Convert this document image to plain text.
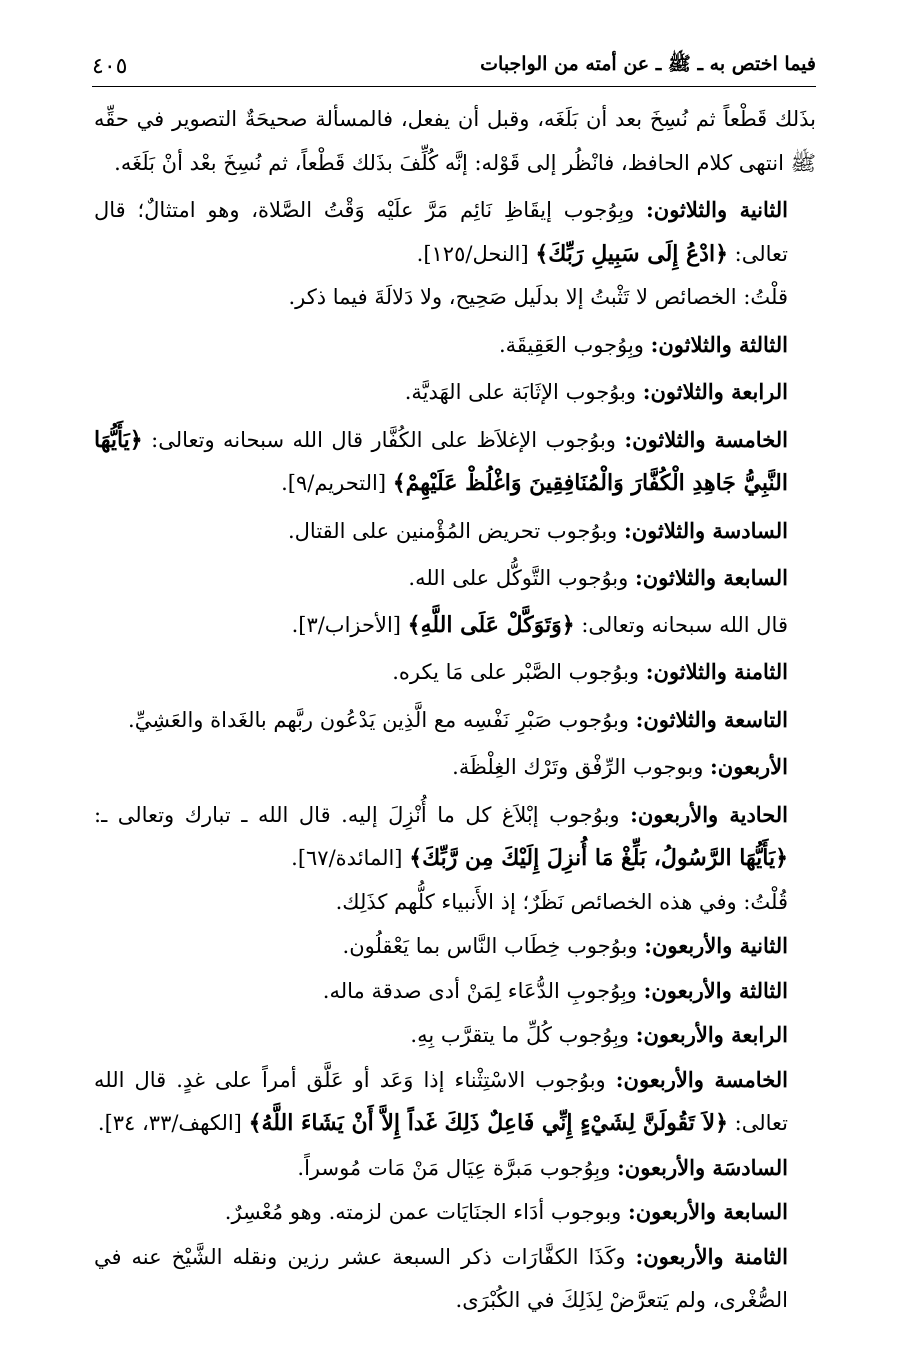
فيما اختص به ـ ﷺ ـ عن أمته من الواجبات
٤٠٥

بذَلك قَطْعاً ثم نُسِخَ بعد أن بَلَغَه، وقبل أن يفعل، فالمسألة صحيحَةٌ التصوير في حقِّه ﷺ انتهى كلام الحافظ، فانْظُر إلى قَوْله: إنَّه كُلِّفَ بذَلك قَطْعاً، ثم نُسِخَ بعْد أنْ بَلَغَه.

الثانية والثلاثون: وبِوُجوب إيقَاظِ نَائِم مَرَّ علَيْه وَقْتُ الصَّلاة، وهو امتثالٌ؛ قال تعالى: ﴿ادْعُ إِلَى سَبِيلِ رَبِّكَ﴾ [النحل/١٢٥].

قلْتُ: الخصائص لا تَثْبتُ إلا بدلَيل صَحِيح، ولا دَلالَةَ فيما ذكر.

الثالثة والثلاثون: وبِوُجوب العَقِيقَة.

الرابعة والثلاثون: وبوُجوب الإثَابَة على الهَديَّة.

الخامسة والثلاثون: وبوُجوب الإغلاَظ على الكُفَّار قال الله سبحانه وتعالى: ﴿يَأَيُّهَا النَّبِيُّ جَاهِدِ الْكُفَّارَ وَالْمُنَافِقِينَ وَاغْلُظْ عَلَيْهِمْ﴾ [التحريم/٩].

السادسة والثلاثون: وبوُجوب تحريض المُؤْمنين على القتال.

السابعة والثلاثون: وبوُجوب التَّوكُّل على الله.

قال الله سبحانه وتعالى: ﴿وَتَوَكَّلْ عَلَى اللَّهِ﴾ [الأحزاب/٣].

الثامنة والثلاثون: وبوُجوب الصَّبْر على مَا يكره.

التاسعة والثلاثون: وبوُجوب صَبْرِ نَفْسِه مع الَّذِين يَدْعُون ربَّهم بالغَداة والعَشِيِّ.

الأربعون: وبوجوب الرِّفْق وتَرْك الغِلْظَة.

الحادية والأربعون: وبوُجوب إبْلاَغ كل ما أُنْزِلَ إليه. قال الله ـ تبارك وتعالى ـ: ﴿يَأَيُّهَا الرَّسُولُ، بَلِّغْ مَا أُنزِلَ إِلَيْكَ مِن رَّبِّكَ﴾ [المائدة/٦٧].

قُلْتُ: وفي هذه الخصائص نَظَرٌ؛ إذ الأَنبياء كلُّهم كذَلِك.

الثانية والأربعون: وبوُجوب خِطَاب النَّاس بما يَعْقلُون.

الثالثة والأربعون: وبِوُجوبِ الدُّعَاء لِمَنْ أدى صدقة ماله.

الرابعة والأربعون: وبِوُجوب كُلِّ ما يتقرَّب بِهِ.

الخامسة والأربعون: وبوُجوب الاسْتِثْناء إذا وَعَد أو عَلَّق أمراً على غدٍ. قال الله تعالى: ﴿لاَ تَقُولَنَّ لِشَيْءٍ إِنِّي فَاعِلٌ ذَلِكَ غَداً إِلاَّ أَنْ يَشَاءَ اللَّهُ﴾ [الكهف/٣٣، ٣٤].

السادسَة والأربعون: وبِوُجوب مَبرَّة عِيَال مَنْ مَات مُوسراً.

السابعة والأربعون: وبوجوب أدَاء الجنَايَات عمن لزمته. وهو مُعْسِرٌ.

الثامنة والأربعون: وكَذَا الكفَّارَات ذكر السبعة عشر رزين ونقله الشَّيْخ عنه في الصُّغْرى، ولم يَتعرَّضْ لِذَلِكَ في الكُبْرَى.
